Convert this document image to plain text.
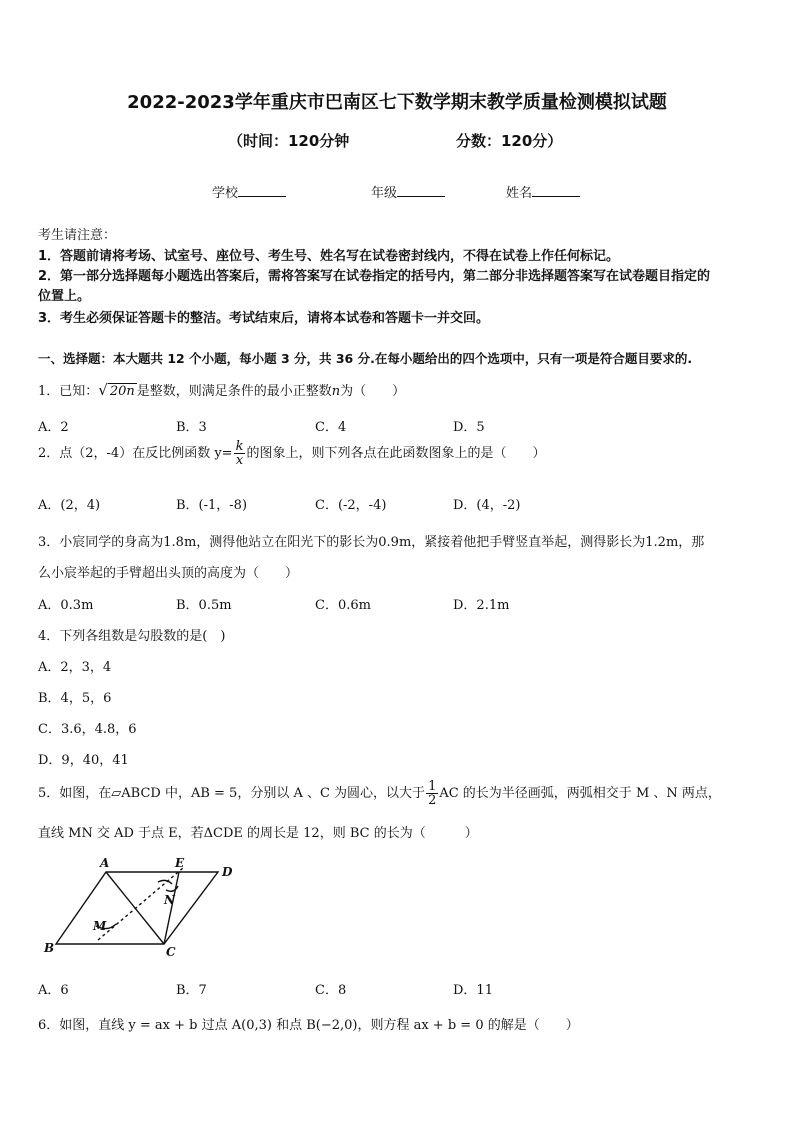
2022-2023学年重庆市巴南区七下数学期末教学质量检测模拟试题
（时间：120分钟	分数：120分）
学校	年级	姓名
考生请注意：
1．答题前请将考场、试室号、座位号、考生号、姓名写在试卷密封线内，不得在试卷上作任何标记。
2．第一部分选择题每小题选出答案后，需将答案写在试卷指定的括号内，第二部分非选择题答案写在试卷题目指定的
位置上。
3．考生必须保证答题卡的整洁。考试结束后，请将本试卷和答题卡一并交回。
一、选择题：本大题共 12 个小题，每小题 3 分，共 36 分.在每小题给出的四个选项中，只有一项是符合题目要求的.
1．已知：√ 20n 是整数，则满足条件的最小正整数n为（　　）
A．2	B．3	C．4	D．5
2．点（2，-4）在反比例函数 $y= \frac{k}{x}$ 的图象上，则下列各点在此函数图象上的是（　　）
A．(2，4)	B．(-1，-8)	C．(-2，-4)	D．(4，-2)
3．小宸同学的身高为1.8m，测得他站立在阳光下的影长为0.9m，紧接着他把手臂竖直举起，测得影长为1.2m，那
么小宸举起的手臂超出头顶的高度为（　　）
A．0.3m	B．0.5m	C．0.6m	D．2.1m
4．下列各组数是勾股数的是(　)
A．2，3，4
B．4，5，6
C．3.6，4.8，6
D．9，40，41
5．如图，在▱ABCD 中，AB = 5，分别以 A 、C 为圆心，以大于 $\frac{1}{2}$ AC 的长为半径画弧，两弧相交于 M 、N 两点，
直线 MN 交 AD 于点 E，若ΔCDE 的周长是 12，则 BC 的长为（　　　）
A	E
D
B	C
M
N
A．6	B．7	C．8	D．11
6．如图，直线 y = ax + b 过点 A(0,3) 和点 B(−2,0)，则方程 ax + b = 0 的解是（　　）
